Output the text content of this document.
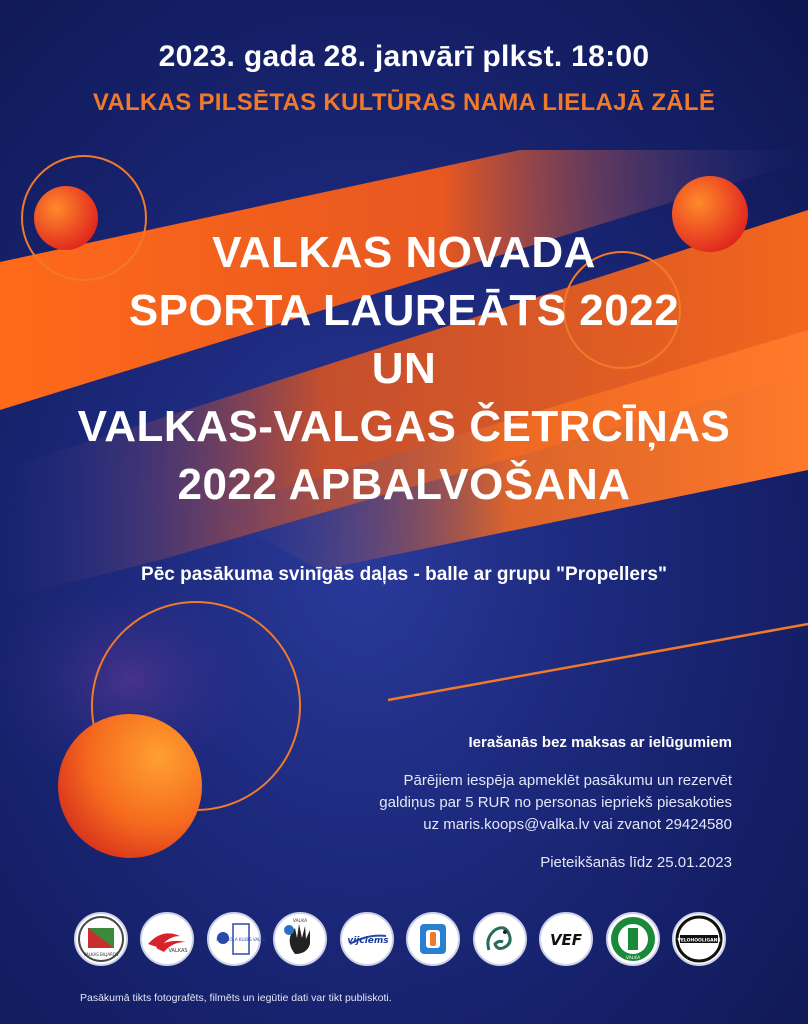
2023. gada 28. janvārī plkst. 18:00
VALKAS PILSĒTAS KULTŪRAS NAMA LIELAJĀ ZĀLĒ
VALKAS NOVADA
SPORTA LAUREĀTS 2022
UN
VALKAS-VALGAS ČETRCĪŅAS
2022 APBALVOŠANA
Pēc pasākuma svinīgās daļas - balle ar grupu "Propellers"
Ierašanās bez maksas ar ielūgumiem
Pārējiem iespēja apmeklēt pasākumu un rezervēt
galdiņus par 5 RUR no personas iepriekš piesakoties
uz maris.koops@valka.lv vai zvanot 29424580
Pieteikšanās līdz 25.01.2023
VALKAS BILJARDS
VALKAS
FLORBOLA KLUBS VALKA
VALKA
vijciems	VEF
VALKA
VELOHOOLIGANS
Pasākumā tikts fotografēts, filmēts un iegūtie dati var tikt publiskoti.
